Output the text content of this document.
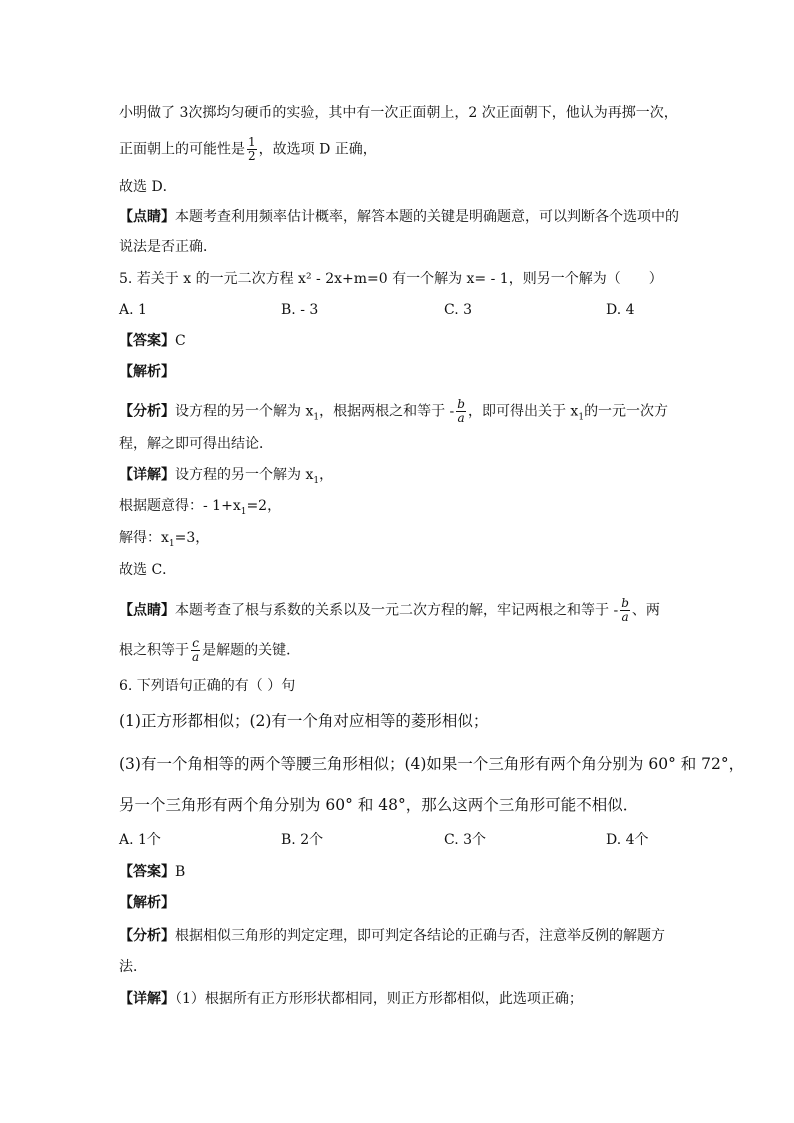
小明做了 3次掷均匀硬币的实验，其中有一次正面朝上，2 次正面朝下，他认为再掷一次，
正面朝上的可能性是 $\frac{1}{2}$ ，故选项 D 正确，
故选 D．
【点睛】本题考查利用频率估计概率，解答本题的关键是明确题意，可以判断各个选项中的
说法是否正确．
5. 若关于 x 的一元二次方程 x² - 2x+m=0 有一个解为 x= - 1，则另一个解为（　　）
A. 1	B. - 3	C. 3	D. 4
【答案】C
【解析】
【分析】设方程的另一个解为 $x_1$，根据两根之和等于 - $\frac{b}{a}$ ，即可得出关于 $x_1$的一元一次方
程，解之即可得出结论．
【详解】设方程的另一个解为 $x_1$，
根据题意得：- $1+x_1=2$，
解得：$x_1=3$，
故选 C．
【点睛】本题考查了根与系数的关系以及一元二次方程的解，牢记两根之和等于 - $\frac{b}{a}$ 、两
根之积等于 $\frac{c}{a}$ 是解题的关键．
6. 下列语句正确的有（ ）句
(1)正方形都相似；(2)有一个角对应相等的菱形相似；
(3)有一个角相等的两个等腰三角形相似；(4)如果一个三角形有两个角分别为 60° 和 72°，
另一个三角形有两个角分别为 60° 和 48°，那么这两个三角形可能不相似．
A. 1个	B. 2个	C. 3个	D. 4个
【答案】B
【解析】
【分析】根据相似三角形的判定定理，即可判定各结论的正确与否，注意举反例的解题方
法．
【详解】（1）根据所有正方形形状都相同，则正方形都相似，此选项正确；
